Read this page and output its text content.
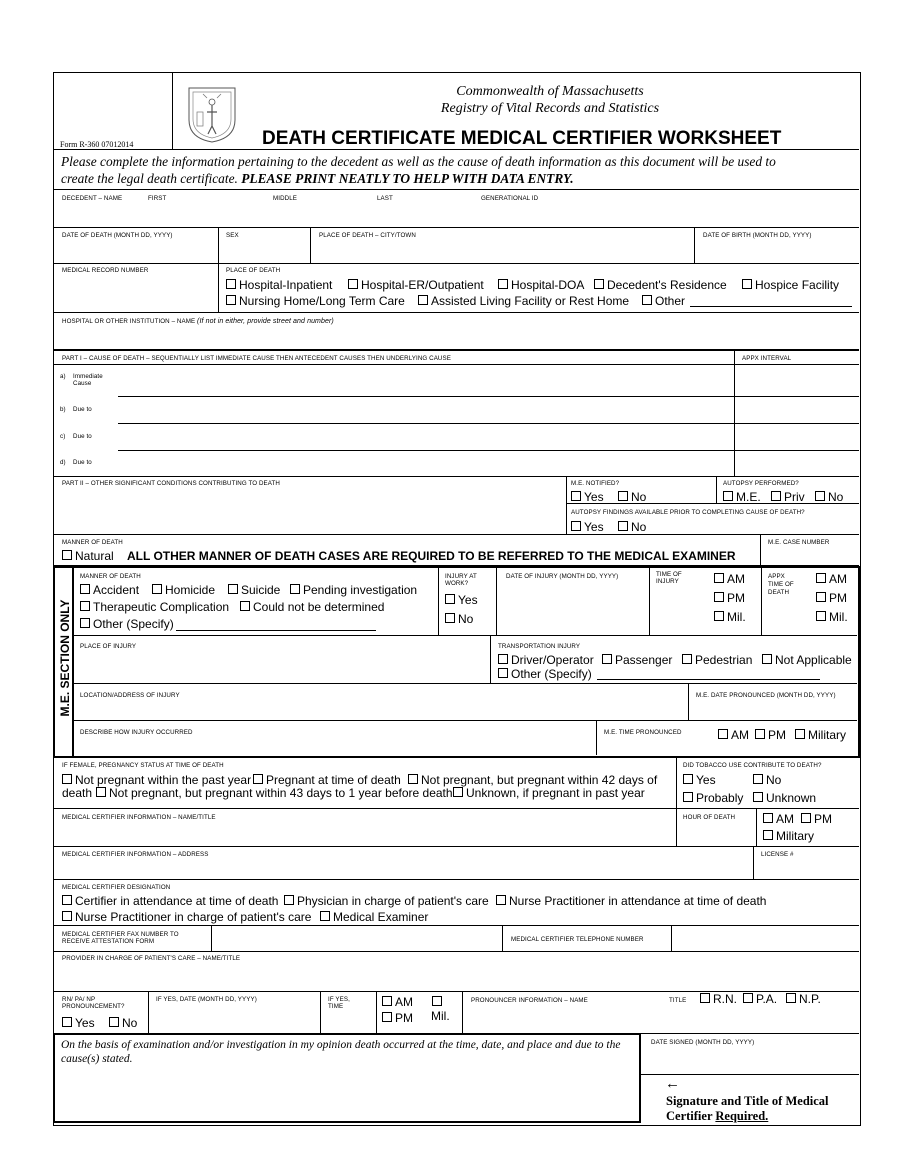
Form R-360 07012014
Commonwealth of Massachusetts
Registry of Vital Records and Statistics
DEATH CERTIFICATE MEDICAL CERTIFIER WORKSHEET
Please complete the information pertaining to the decedent as well as the cause of death information as this document will be used to
create the legal death certificate. PLEASE PRINT NEATLY TO HELP WITH DATA ENTRY.
DECEDENT – NAME	FIRST	MIDDLE	LAST	GENERATIONAL ID
DATE OF DEATH (MONTH DD, YYYY)	SEX	PLACE OF DEATH – CITY/TOWN	DATE OF BIRTH (MONTH DD, YYYY)
MEDICAL RECORD NUMBER	PLACE OF DEATH
Hospital-Inpatient	Hospital-ER/Outpatient	Hospital-DOA	Decedent's Residence	Hospice Facility
Nursing Home/Long Term Care	Assisted Living Facility or Rest Home	Other
HOSPITAL OR OTHER INSTITUTION – NAME (If not in either, provide street and number)
PART I – CAUSE OF DEATH – SEQUENTIALLY LIST IMMEDIATE CAUSE THEN ANTECEDENT CAUSES THEN UNDERLYING CAUSE	APPX INTERVAL
a) Immediate
Cause
b) Due to
c) Due to
d) Due to
PART II – OTHER SIGNIFICANT CONDITIONS CONTRIBUTING TO DEATH	M.E. NOTIFIED?
Yes	No
AUTOPSY PERFORMED?
M.E.	Priv	No
AUTOPSY FINDINGS AVAILABLE PRIOR TO COMPLETING CAUSE OF DEATH?
Yes	No
MANNER OF DEATH
Natural ALL OTHER MANNER OF DEATH CASES ARE REQUIRED TO BE REFERRED TO THE MEDICAL EXAMINER
M.E. CASE NUMBER
M.E. SECTION ONLY
MANNER OF DEATH
Accident	Homicide	Suicide	Pending investigation
Therapeutic Complication	Could not be determined
Other (Specify)
INJURY AT WORK?
Yes
No
DATE OF INJURY (MONTH DD, YYYY)	TIME OF
INJURY	AM
PM
Mil.
APPX
TIME OF
DEATH
AM
PM
Mil.
PLACE OF INJURY	TRANSPORTATION INJURY
Driver/Operator	Passenger	Pedestrian	Not Applicable
Other (Specify)
LOCATION/ADDRESS OF INJURY	M.E. DATE PRONOUNCED (MONTH DD, YYYY)
DESCRIBE HOW INJURY OCCURRED	M.E. TIME PRONOUNCED	AM	PM	Military
IF FEMALE, PREGNANCY STATUS AT TIME OF DEATH
Not pregnant within the past year	Pregnant at time of death	Not pregnant, but pregnant within 42 days of
death	Not pregnant, but pregnant within 43 days to 1 year before death	Unknown, if pregnant in past year
DID TOBACCO USE CONTRIBUTE TO DEATH?
Yes	No
Probably	Unknown
MEDICAL CERTIFIER INFORMATION – NAME/TITLE	HOUR OF DEATH	AM	PM
Military
MEDICAL CERTIFIER INFORMATION – ADDRESS	LICENSE #
MEDICAL CERTIFIER DESIGNATION
Certifier in attendance at time of death	Physician in charge of patient's care	Nurse Practitioner in attendance at time of death
Nurse Practitioner in charge of patient's care	Medical Examiner
MEDICAL CERTIFIER FAX NUMBER TO
RECEIVE ATTESTATION FORM	MEDICAL CERTIFIER TELEPHONE NUMBER
PROVIDER IN CHARGE OF PATIENT'S CARE – NAME/TITLE
RN/ PA/ NP
PRONOUNCEMENT?
Yes	No
IF YES, DATE (MONTH DD, YYYY)	IF YES,
TIME	AM
PM Mil.
PRONOUNCER INFORMATION – NAME	TITLE	R.N.	P.A.	N.P.
On the basis of examination and/or investigation in my opinion death occurred at the time, date, and place and due to the cause(s) stated.
DATE SIGNED (MONTH DD, YYYY)
←
Signature and Title of Medical
Certifier Required.
